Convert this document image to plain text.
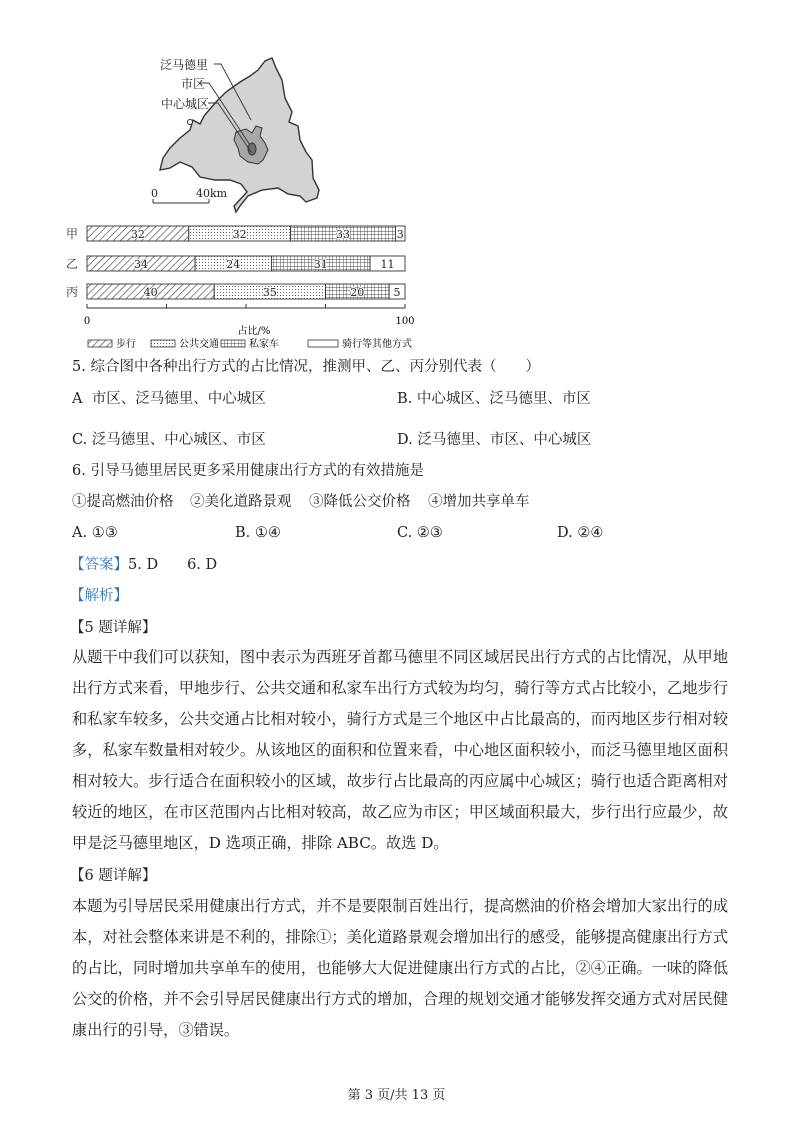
泛马德里
市区
中心城区
0	40km
甲	32	32	33	3
乙	34	24	31	11
丙	40	35	20	5
0	100
占比/%
步行	公共交通	私家车	骑行等其他方式
5. 综合图中各种出行方式的占比情况，推测甲、乙、丙分别代表（　　）
A 市区、泛马德里、中心城区	B. 中心城区、泛马德里、市区
C. 泛马德里、中心城区、市区	D. 泛马德里、市区、中心城区
6. 引导马德里居民更多采用健康出行方式的有效措施是
①提高燃油价格 ②美化道路景观 ③降低公交价格 ④增加共享单车
A. ①③	B. ①④	C. ②③	D. ②④
【答案】5. D　　6. D
【解析】
【5 题详解】
从题干中我们可以获知，图中表示为西班牙首都马德里不同区域居民出行方式的占比情况，从甲地出行方式来看，甲地步行、公共交通和私家车出行方式较为均匀，骑行等方式占比较小，乙地步行和私家车较多，公共交通占比相对较小，骑行方式是三个地区中占比最高的，而丙地区步行相对较多，私家车数量相对较少。从该地区的面积和位置来看，中心地区面积较小，而泛马德里地区面积相对较大。步行适合在面积较小的区域，故步行占比最高的丙应属中心城区；骑行也适合距离相对较近的地区，在市区范围内占比相对较高，故乙应为市区；甲区域面积最大，步行出行应最少，故甲是泛马德里地区，D 选项正确，排除 ABC。故选 D。
【6 题详解】
本题为引导居民采用健康出行方式，并不是要限制百姓出行，提高燃油的价格会增加大家出行的成本，对社会整体来讲是不利的，排除①；美化道路景观会增加出行的感受，能够提高健康出行方式的占比，同时增加共享单车的使用，也能够大大促进健康出行方式的占比，②④正确。一味的降低公交的价格，并不会引导居民健康出行方式的增加，合理的规划交通才能够发挥交通方式对居民健康出行的引导，③错误。
第 3 页/共 13 页
